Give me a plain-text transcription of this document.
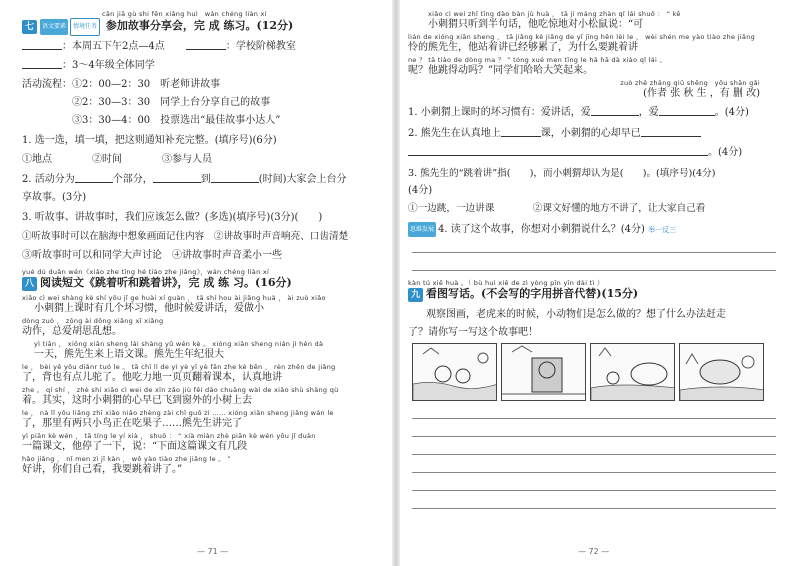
cān jiā gù shi fēn xiǎng huì　wán chéng liàn xí
七 语文要素 情境任务 参加故事分享会，完 成 练习。(12分)
：本周五下午2点—4点	：学校阶梯教室
：3～4年级全体同学
活动流程：①2：00—2：30　听老师讲故事
②2：30—3：30　同学上台分享自己的故事
③3：30—4：00　投票选出“最佳故事小达人”
1. 选一选，填一填，把这则通知补充完整。(填序号)(6分)
①地点　　　　②时间　　　　③参与人员
2. 活动分为	个部分，	到	(时间)大家会上台分
享故事。(3分)
3. 听故事、讲故事时，我们应该怎么做？(多选)(填序号)(3分)(　　)
①听故事时可以在脑海中想象画面记住内容　②讲故事时声音响亮、口齿清楚
③听故事时可以和同学大声讨论　④讲故事时声音柔小一些
yuè dú duǎn wén《xiǎo zhe tīng hé tiào zhe jiǎng》，wán chéng liàn xí
八 阅读短文《跳着听和跳着讲》，完 成 练 习。(16分)
xiǎo cì wei shàng kè shí yǒu jǐ ge huài xí guàn ， tā shí hou ài jiǎng huà ， ài zuò xiǎo
小刺猬上课时有几个坏习惯，他时候爱讲话，爱做小
dòng zuò ， zǒng ài dōng xiǎng xī xiǎng
动作，总爱胡思乱想。
yì tiān ， xióng xiān sheng lái shàng yǔ wén kè 。 xióng xiān sheng nián jì hěn dà
一天，熊先生来上语文课。熊先生年纪很大
le ， bèi yě yǒu diǎnr tuó le 。 tā chī lì de yì yè yī yè fān zhe kè běn ， rèn zhēn de jiǎng
了，背也有点儿驼了。他吃力地一页页翻着课本，认真地讲
zhe 。 qí shí ， zhè shí xiǎo cì wei de xīn zǎo jiù fēi dào chuāng wài de xiǎo shù shàng qù
着。其实，这时小刺猬的心早已飞到窗外的小树上去
le ， nà lǐ yǒu liǎng zhī xiǎo niǎo zhèng zài chī guǒ zi …… xióng xiān sheng jiǎng wán le
了，那里有两只小鸟正在吃果子……熊先生讲完了
yì piān kè wén ， tā tíng le yí xià ， shuō ： “ xià miàn zhè piān kè wén yǒu jǐ duàn
一篇课文，他停了一下，说：“下面这篇课文有几段
hǎo jiǎng ， nǐ men zì jǐ kàn ， wǒ yào tiào zhe jiǎng le 。 ”
好讲，你们自己看，我要跳着讲了。”
— 71 —
xiǎo cì wei zhǐ tīng dào bàn jù huà ， tā jí máng zhàn qǐ lái shuō ： “ kě
小刺猬只听到半句话，他吃惊地对小松鼠说：“可
lián de xióng xiān sheng ， tā jiǎng kè jiǎng de yǐ jīng hěn lèi le ， wèi shén me yào tiào zhe jiǎng
怜的熊先生，他站着讲已经够累了，为什么要跳着讲
ne ？ tā tiào de dòng ma ？ ” tóng xué men tīng le hā hā dà xiào qǐ lái 。
呢？他跳得动吗？”同学们哈哈大笑起来。
zuò zhě zhāng qiū shēng　yǒu shān gǎi
(作者 张 秋 生 ，有 删 改)
1. 小刺猬上课时的坏习惯有：爱讲话，爱	，爱	。(4分)
2. 熊先生在认真地上	课，小刺猬的心却早已
。(4分)
3. 熊先生的“跳着讲”指(　　)，而小刺猬却认为是(　　)。(填序号)(4分)
(4分)
①一边跳，一边讲课　　　　②课文好懂的地方不讲了，让大家自己看
思维发展 4. 读了这个故事，你想对小刺猬说什么？(4分) 举一反三
kàn tú xiě huà 。（ bù huì xiě de zì yòng pīn yīn dài tì ）
九 看图写话。(不会写的字用拼音代替)(15分)
观察图画，老虎来的时候，小动物们是怎么做的？想了什么办法赶走
了？请你写一写这个故事吧！
— 72 —
